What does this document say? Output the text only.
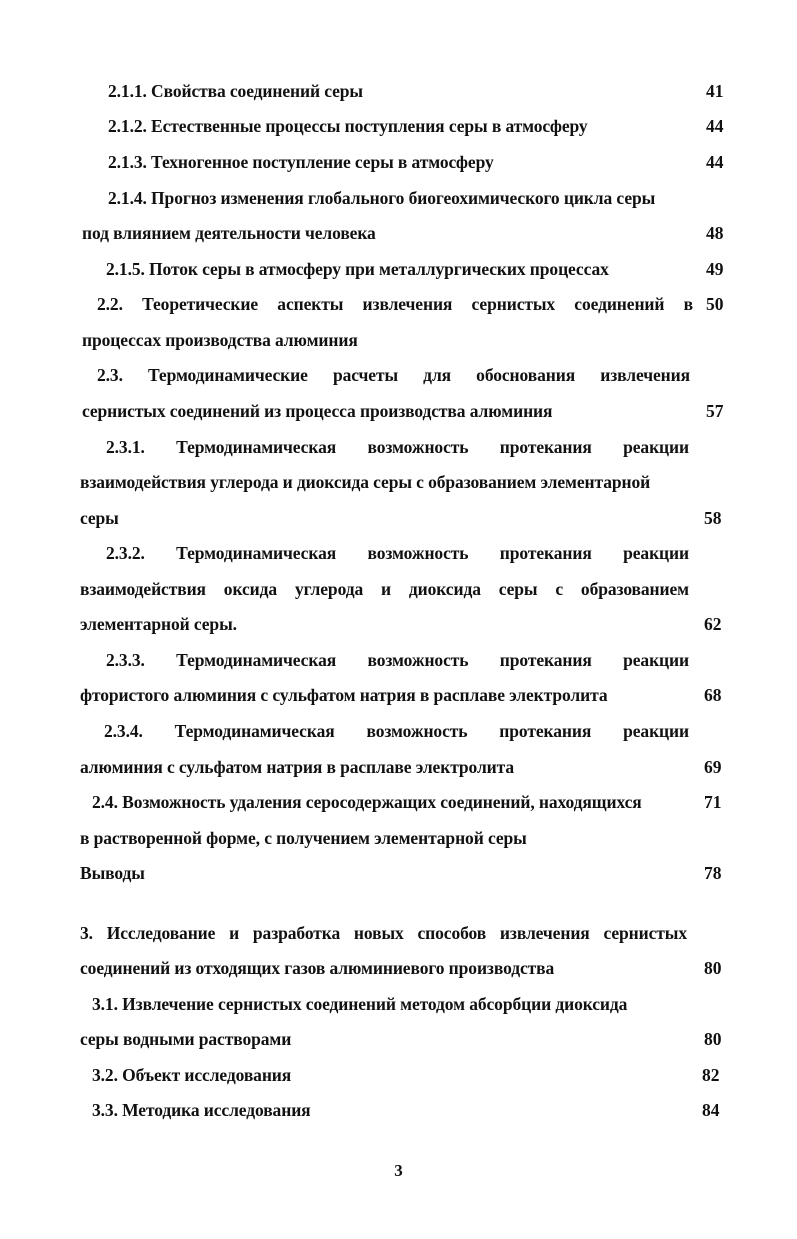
2.1.1. Свойства соединений серы	41
2.1.2. Естественные процессы поступления серы в атмосферу	44
2.1.3. Техногенное поступление серы в атмосферу	44
2.1.4. Прогноз изменения глобального биогеохимического цикла серы
под влиянием деятельности человека	48
2.1.5. Поток серы в атмосферу при металлургических процессах	49
2.2. Теоретические аспекты извлечения сернистых соединений в 50
процессах производства алюминия
2.3. Термодинамические расчеты для обоснования извлечения
сернистых соединений из процесса производства алюминия	57
2.3.1. Термодинамическая возможность протекания реакции
взаимодействия углерода и диоксида серы с образованием элементарной
серы	58
2.3.2. Термодинамическая возможность протекания реакции
взаимодействия оксида углерода и диоксида серы с образованием
элементарной серы.	62
2.3.3. Термодинамическая возможность протекания реакции
фтористого алюминия с сульфатом натрия в расплаве электролита	68
2.3.4. Термодинамическая возможность протекания реакции
алюминия с сульфатом натрия в расплаве электролита	69
2.4. Возможность удаления серосодержащих соединений, находящихся	71
в растворенной форме, с получением элементарной серы
Выводы	78
3. Исследование и разработка новых способов извлечения сернистых
соединений из отходящих газов алюминиевого производства	80
3.1. Извлечение сернистых соединений методом абсорбции диоксида
серы водными растворами	80
3.2. Объект исследования	82
3.3. Методика исследования	84
3
